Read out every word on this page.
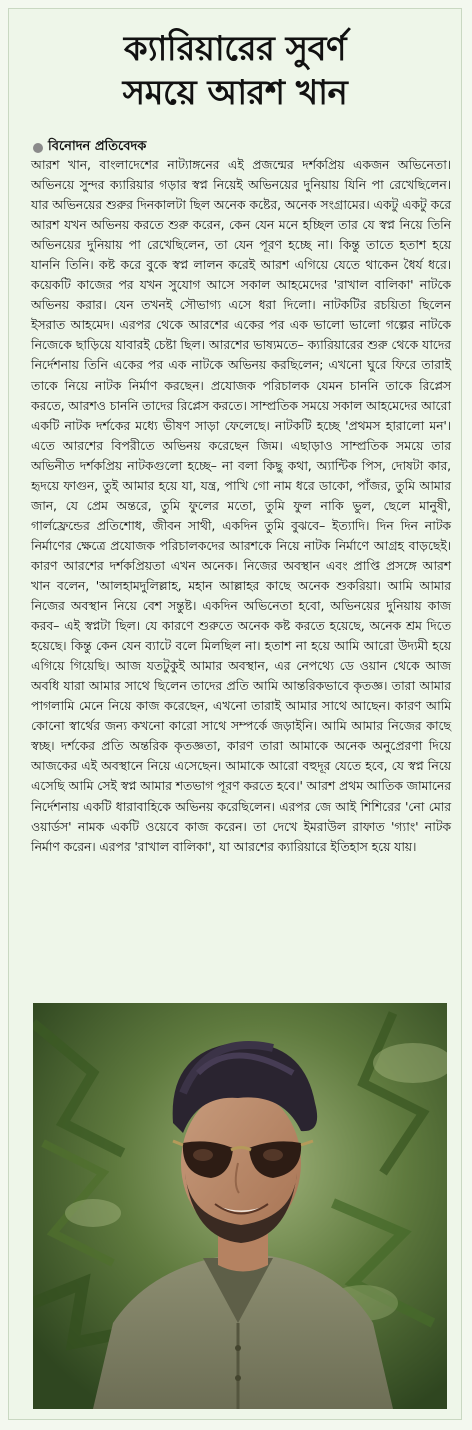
ক্যারিয়ারের সুবর্ণ
সময়ে আরশ খান
বিনোদন প্রতিবেদক

আরশ খান, বাংলাদেশের নাট্যাঙ্গনের এই প্রজন্মের দর্শকপ্রিয় একজন অভিনেতা। অভিনয়ে সুন্দর ক্যারিয়ার গড়ার স্বপ্ন নিয়েই অভিনয়ের দুনিয়ায় যিনি পা রেখেছিলেন। যার অভিনয়ের শুরুর দিনকালটা ছিল অনেক কষ্টের, অনেক সংগ্রামের। একটু একটু করে আরশ যখন অভিনয় করতে শুরু করেন, কেন যেন মনে হচ্ছিল তার যে স্বপ্ন নিয়ে তিনি অভিনয়ের দুনিয়ায় পা রেখেছিলেন, তা যেন পূরণ হচ্ছে না। কিন্তু তাতে হতাশ হয়ে যাননি তিনি। কষ্ট করে বুকে স্বপ্ন লালন করেই আরশ এগিয়ে যেতে থাকেন ধৈর্য ধরে। কয়েকটি কাজের পর যখন সুযোগ আসে সকাল আহমেদের 'রাখাল বালিকা' নাটকে অভিনয় করার। যেন তখনই সৌভাগ্য এসে ধরা দিলো। নাটকটির রচয়িতা ছিলেন ইসরাত আহমেদ। এরপর থেকে আরশের একের পর এক ভালো ভালো গল্পের নাটকে নিজেকে ছাড়িয়ে যাবারই চেষ্টা ছিল। আরশের ভাষ্যমতে– ক্যারিয়ারের শুরু থেকে যাদের নির্দেশনায় তিনি একের পর এক নাটকে অভিনয় করছিলেন; এখনো ঘুরে ফিরে তারাই তাকে নিয়ে নাটক নির্মাণ করছেন। প্রযোজক পরিচালক যেমন চাননি তাকে রিপ্লেস করতে, আরশও চাননি তাদের রিপ্লেস করতে। সাম্প্রতিক সময়ে সকাল আহমেদের আরো একটি নাটক দর্শকের মধ্যে ভীষণ সাড়া ফেলেছে। নাটকটি হচ্ছে 'প্রথমস হারালো মন'। এতে আরশের বিপরীতে অভিনয় করেছেন জিম। এছাড়াও সাম্প্রতিক সময়ে তার অভিনীত দর্শকপ্রিয় নাটকগুলো হচ্ছে– না বলা কিছু কথা, অ্যান্টিক পিস, দোষটা কার, হৃদয়ে ফাগুন, তুই আমার হয়ে যা, যন্ত্র, পাখি গো নাম ধরে ডাকো, পাঁজর, তুমি আমার জান, যে প্রেম অন্তরে, তুমি ফুলের মতো, তুমি ফুল নাকি ভুল, ছেলে মানুষী, গার্লফ্রেন্ডের প্রতিশোধ, জীবন সাথী, একদিন তুমি বুঝবে– ইত্যাদি। দিন দিন নাটক নির্মাণের ক্ষেত্রে প্রযোজক পরিচালকদের আরশকে নিয়ে নাটক নির্মাণে আগ্রহ বাড়ছেই। কারণ আরশের দর্শকপ্রিয়তা এখন অনেক। নিজের অবস্থান এবং প্রাপ্তি প্রসঙ্গে আরশ খান বলেন, 'আলহামদুলিল্লাহ, মহান আল্লাহর কাছে অনেক শুকরিয়া। আমি আমার নিজের অবস্থান নিয়ে বেশ সন্তুষ্ট। একদিন অভিনেতা হবো, অভিনয়ের দুনিয়ায় কাজ করব– এই স্বপ্নটা ছিল। যে কারণে শুরুতে অনেক কষ্ট করতে হয়েছে, অনেক শ্রম দিতে হয়েছে। কিন্তু কেন যেন ব্যাটে বলে মিলছিল না। হতাশ না হয়ে আমি আরো উদ্যমী হয়ে এগিয়ে গিয়েছি। আজ যতটুকুই আমার অবস্থান, এর নেপথ্যে ডে ওয়ান থেকে আজ অবধি যারা আমার সাথে ছিলেন তাদের প্রতি আমি আন্তরিকভাবে কৃতজ্ঞ। তারা আমার পাগলামি মেনে নিয়ে কাজ করেছেন, এখনো তারাই আমার সাথে আছেন। কারণ আমি কোনো স্বার্থের জন্য কখনো কারো সাথে সম্পর্কে জড়াইনি। আমি আমার নিজের কাছে স্বচ্ছ। দর্শকের প্রতি অন্তরিক কৃতজ্ঞতা, কারণ তারা আমাকে অনেক অনুপ্রেরণা দিয়ে আজকের এই অবস্থানে নিয়ে এসেছেন। আমাকে আরো বহুদূর যেতে হবে, যে স্বপ্ন নিয়ে এসেছি আমি সেই স্বপ্ন আমার শতভাগ পূরণ করতে হবে।' আরশ প্রথম আতিক জামানের নির্দেশনায় একটি ধারাবাহিকে অভিনয় করেছিলেন। এরপর জে আই শিশিরের 'নো মোর ওয়ার্ডস' নামক একটি ওয়েবে কাজ করেন। তা দেখে ইমরাউল রাফাত 'গ্যাং' নাটক নির্মাণ করেন। এরপর 'রাখাল বালিকা', যা আরশের ক্যারিয়ারে ইতিহাস হয়ে যায়।
